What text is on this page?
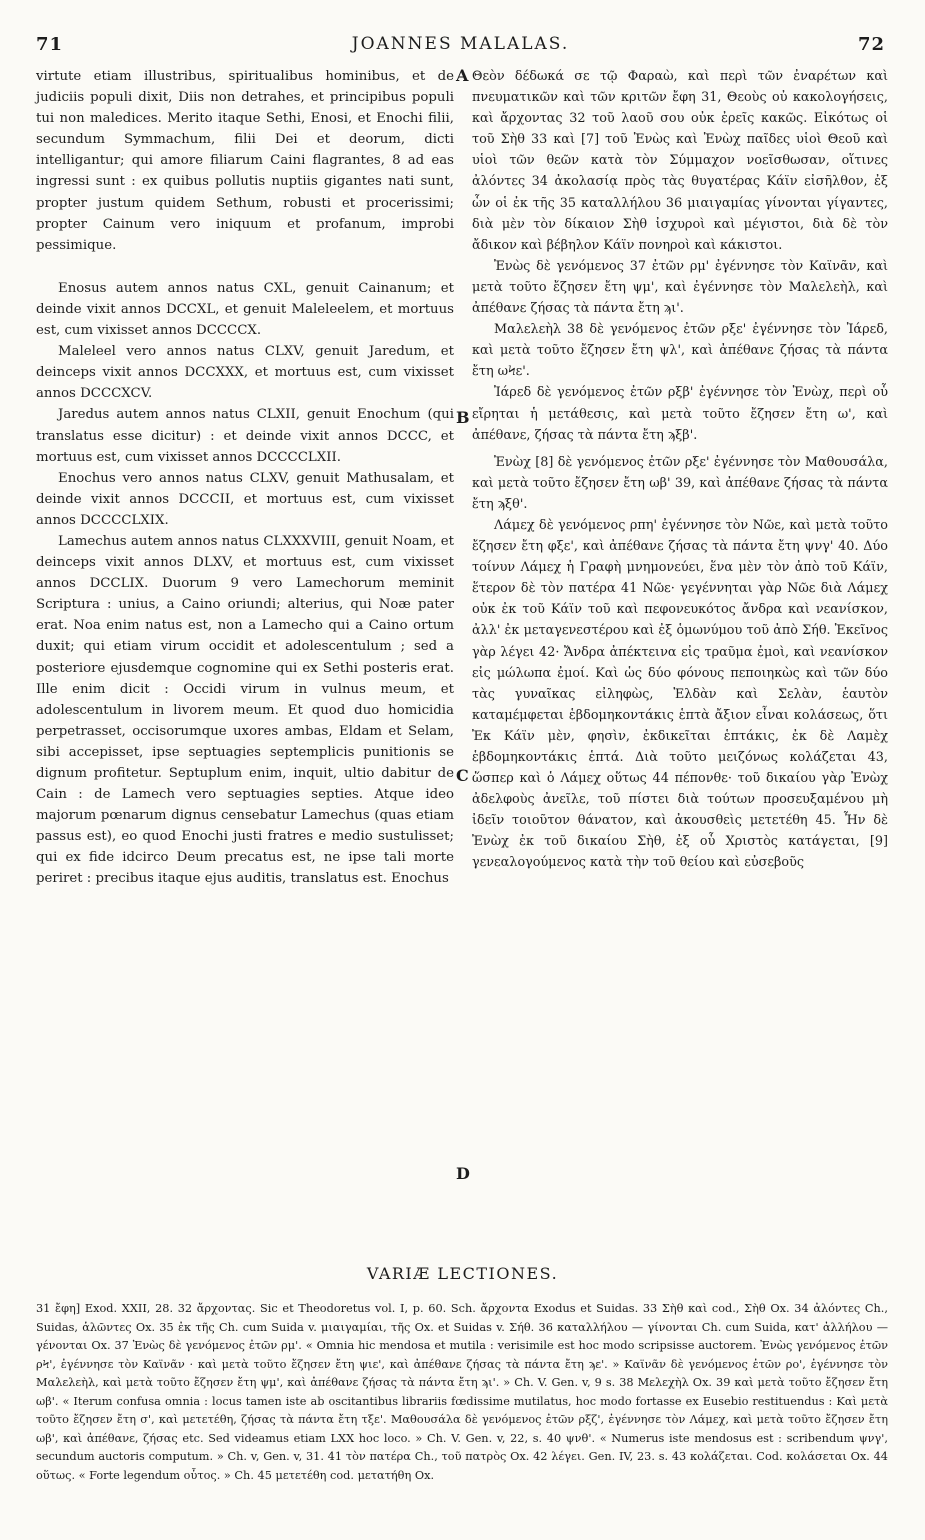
71	JOANNES MALALAS.	72

virtute etiam illustribus, spiritualibus hominibus, et de judiciis populi dixit, Diis non detrahes, et principibus populi tui non maledices. Merito itaque Sethi, Enosi, et Enochi filii, secundum Symmachum, filii Dei et deorum, dicti intelligantur; qui amore filiarum Caini flagrantes, 8 ad eas ingressi sunt : ex quibus pollutis nuptiis gigantes nati sunt, propter justum quidem Sethum, robusti et procerissimi; propter Cainum vero iniquum et profanum, improbi pessimique.

Enosus autem annos natus CXL, genuit Cainanum; et deinde vixit annos DCCXL, et genuit Maleleelem, et mortuus est, cum vixisset annos DCCCCX.

Maleleel vero annos natus CLXV, genuit Jaredum, et deinceps vixit annos DCCXXX, et mortuus est, cum vixisset annos DCCCXCV.

Jaredus autem annos natus CLXII, genuit Enochum (qui translatus esse dicitur) : et deinde vixit annos DCCC, et mortuus est, cum vixisset annos DCCCCLXII.

Enochus vero annos natus CLXV, genuit Mathusalam, et deinde vixit annos DCCCII, et mortuus est, cum vixisset annos DCCCCLXIX.

Lamechus autem annos natus CLXXXVIII, genuit Noam, et deinceps vixit annos DLXV, et mortuus est, cum vixisset annos DCCLIX. Duorum 9 vero Lamechorum meminit Scriptura : unius, a Caino oriundi; alterius, qui Noæ pater erat. Noa enim natus est, non a Lamecho qui a Caino ortum duxit; qui etiam virum occidit et adolescentulum ; sed a posteriore ejusdemque cognomine qui ex Sethi posteris erat. Ille enim dicit : Occidi virum in vulnus meum, et adolescentulum in livorem meum. Et quod duo homicidia perpetrasset, occisorumque uxores ambas, Eldam et Selam, sibi accepisset, ipse septuagies septemplicis punitionis se dignum profitetur. Septuplum enim, inquit, ultio dabitur de Cain : de Lamech vero septuagies septies. Atque ideo majorum pœnarum dignus censebatur Lamechus (quas etiam passus est), eo quod Enochi justi fratres e medio sustulisset; qui ex fide idcirco Deum precatus est, ne ipse tali morte periret : precibus itaque ejus auditis, translatus est. Enochus

A
B
C
D

Θεὸν δέδωκά σε τῷ Φαραὼ, καὶ περὶ τῶν ἐναρέτων καὶ πνευματικῶν καὶ τῶν κριτῶν ἔφη 31, Θεοὺς οὐ κακολογήσεις, καὶ ἄρχοντας 32 τοῦ λαοῦ σου οὐκ ἐρεῖς κακῶς. Εἰκότως οἱ τοῦ Σὴθ 33 καὶ [7] τοῦ Ἐνὼς καὶ Ἐνὼχ παῖδες υἱοὶ Θεοῦ καὶ υἱοὶ τῶν θεῶν κατὰ τὸν Σύμμαχον νοεῖσθωσαν, οἵτινες ἀλόντες 34 ἀκολασίᾳ πρὸς τὰς θυγατέρας Κάϊν εἰσῆλθον, ἐξ ὧν οἱ ἐκ τῆς 35 καταλλήλου 36 μιαιγαμίας γίνονται γίγαντες, διὰ μὲν τὸν δίκαιον Σὴθ ἰσχυροὶ καὶ μέγιστοι, διὰ δὲ τὸν ἄδικον καὶ βέβηλον Κάϊν πονηροὶ καὶ κάκιστοι.

Ἐνὼς δὲ γενόμενος 37 ἐτῶν ρμ' ἐγέννησε τὸν Καϊνᾶν, καὶ μετὰ τοῦτο ἔζησεν ἔτη ψμ', καὶ ἐγέννησε τὸν Μαλελεὴλ, καὶ ἀπέθανε ζήσας τὰ πάντα ἔτη ϡι'.

Μαλελεὴλ 38 δὲ γενόμενος ἐτῶν ρξε' ἐγέννησε τὸν Ἰάρεδ, καὶ μετὰ τοῦτο ἔζησεν ἔτη ψλ', καὶ ἀπέθανε ζήσας τὰ πάντα ἔτη ωϞε'.

Ἰάρεδ δὲ γενόμενος ἐτῶν ρξβ' ἐγέννησε τὸν Ἐνὼχ, περὶ οὗ εἴρηται ἡ μετάθεσις, καὶ μετὰ τοῦτο ἔζησεν ἔτη ω', καὶ ἀπέθανε, ζήσας τὰ πάντα ἔτη ϡξβ'.

Ἐνὼχ [8] δὲ γενόμενος ἐτῶν ρξε' ἐγέννησε τὸν Μαθουσάλα, καὶ μετὰ τοῦτο ἔζησεν ἔτη ωβ' 39, καὶ ἀπέθανε ζήσας τὰ πάντα ἔτη ϡξθ'.

Λάμεχ δὲ γενόμενος ρπη' ἐγέννησε τὸν Νῶε, καὶ μετὰ τοῦτο ἔζησεν ἔτη φξε', καὶ ἀπέθανε ζήσας τὰ πάντα ἔτη ψνγ' 40. Δύο τοίνυν Λάμεχ ἡ Γραφὴ μνημονεύει, ἕνα μὲν τὸν ἀπὸ τοῦ Κάϊν, ἕτερον δὲ τὸν πατέρα 41 Νῶε· γεγέννηται γὰρ Νῶε διὰ Λάμεχ οὐκ ἐκ τοῦ Κάϊν τοῦ καὶ πεφονευκότος ἄνδρα καὶ νεανίσκον, ἀλλ' ἐκ μεταγενεστέρου καὶ ἐξ ὁμωνύμου τοῦ ἀπὸ Σήθ. Ἐκεῖνος γὰρ λέγει 42· Ἄνδρα ἀπέκτεινα εἰς τραῦμα ἐμοὶ, καὶ νεανίσκον εἰς μώλωπα ἐμοί. Καὶ ὡς δύο φόνους πεποιηκὼς καὶ τῶν δύο τὰς γυναῖκας εἰληφὼς, Ἐλδὰν καὶ Σελὰν, ἑαυτὸν καταμέμφεται ἑβδομηκοντάκις ἑπτὰ ἄξιον εἶναι κολάσεως, ὅτι Ἐκ Κάϊν μὲν, φησὶν, ἐκδικεῖται ἑπτάκις, ἐκ δὲ Λαμὲχ ἑβδομηκοντάκις ἑπτά. Διὰ τοῦτο μειζόνως κολάζεται 43, ὥσπερ καὶ ὁ Λάμεχ οὕτως 44 πέπονθε· τοῦ δικαίου γὰρ Ἐνὼχ ἀδελφοὺς ἀνεῖλε, τοῦ πίστει διὰ τούτων προσευξαμένου μὴ ἰδεῖν τοιοῦτον θάνατον, καὶ ἀκουσθεὶς μετετέθη 45. Ἦν δὲ Ἐνὼχ ἐκ τοῦ δικαίου Σὴθ, ἐξ οὗ Χριστὸς κατάγεται, [9] γενεαλογούμενος κατὰ τὴν τοῦ θείου καὶ εὐσεβοῦς

VARIÆ LECTIONES.

31 ἔφη] Exod. XXII, 28. 32 ἄρχοντας. Sic et Theodoretus vol. I, p. 60. Sch. ἄρχοντα Exodus et Suidas. 33 Σὴθ καὶ cod., Σὴθ Ox. 34 ἀλόντες Ch., Suidas, ἁλῶντες Ox. 35 ἐκ τῆς Ch. cum Suida v. μιαιγαμίαι, τῆς Ox. et Suidas v. Σήθ. 36 καταλλήλου — γίνονται Ch. cum Suida, κατ' ἀλλήλου — γένονται Ox. 37 Ἐνὼς δὲ γενόμενος ἐτῶν ρμ'. « Omnia hic mendosa et mutila : verisimile est hoc modo scripsisse auctorem. Ἐνὼς γενόμενος ἐτῶν ρϞ', ἐγέννησε τὸν Καϊνᾶν · καὶ μετὰ τοῦτο ἔζησεν ἔτη ψιε', καὶ ἀπέθανε ζήσας τὰ πάντα ἔτη ϡε'. » Καϊνᾶν δὲ γενόμενος ἐτῶν ρο', ἐγέννησε τὸν Μαλελεὴλ, καὶ μετὰ τοῦτο ἔζησεν ἔτη ψμ', καὶ ἀπέθανε ζήσας τὰ πάντα ἔτη ϡι'. » Ch. V. Gen. v, 9 s. 38 Μελεχὴλ Ox. 39 καὶ μετὰ τοῦτο ἔζησεν ἔτη ωβ'. « Iterum confusa omnia : locus tamen iste ab oscitantibus librariis fœdissime mutilatus, hoc modo fortasse ex Eusebio restituendus : Καὶ μετὰ τοῦτο ἔζησεν ἔτη σ', καὶ μετετέθη, ζήσας τὰ πάντα ἔτη τξε'. Μαθουσάλα δὲ γενόμενος ἐτῶν ρξζ', ἐγέννησε τὸν Λάμεχ, καὶ μετὰ τοῦτο ἔζησεν ἔτη ωβ', καὶ ἀπέθανε, ζήσας etc. Sed videamus etiam LXX hoc loco. » Ch. V. Gen. v, 22, s. 40 ψνθ'. « Numerus iste mendosus est : scribendum ψνγ', secundum auctoris computum. » Ch. v, Gen. v, 31. 41 τὸν πατέρα Ch., τοῦ πατρὸς Ox. 42 λέγει. Gen. IV, 23. s. 43 κολάζεται. Cod. κολάσεται Ox. 44 οὕτως. « Forte legendum οὗτος. » Ch. 45 μετετέθη cod. μετατήθη Ox.
